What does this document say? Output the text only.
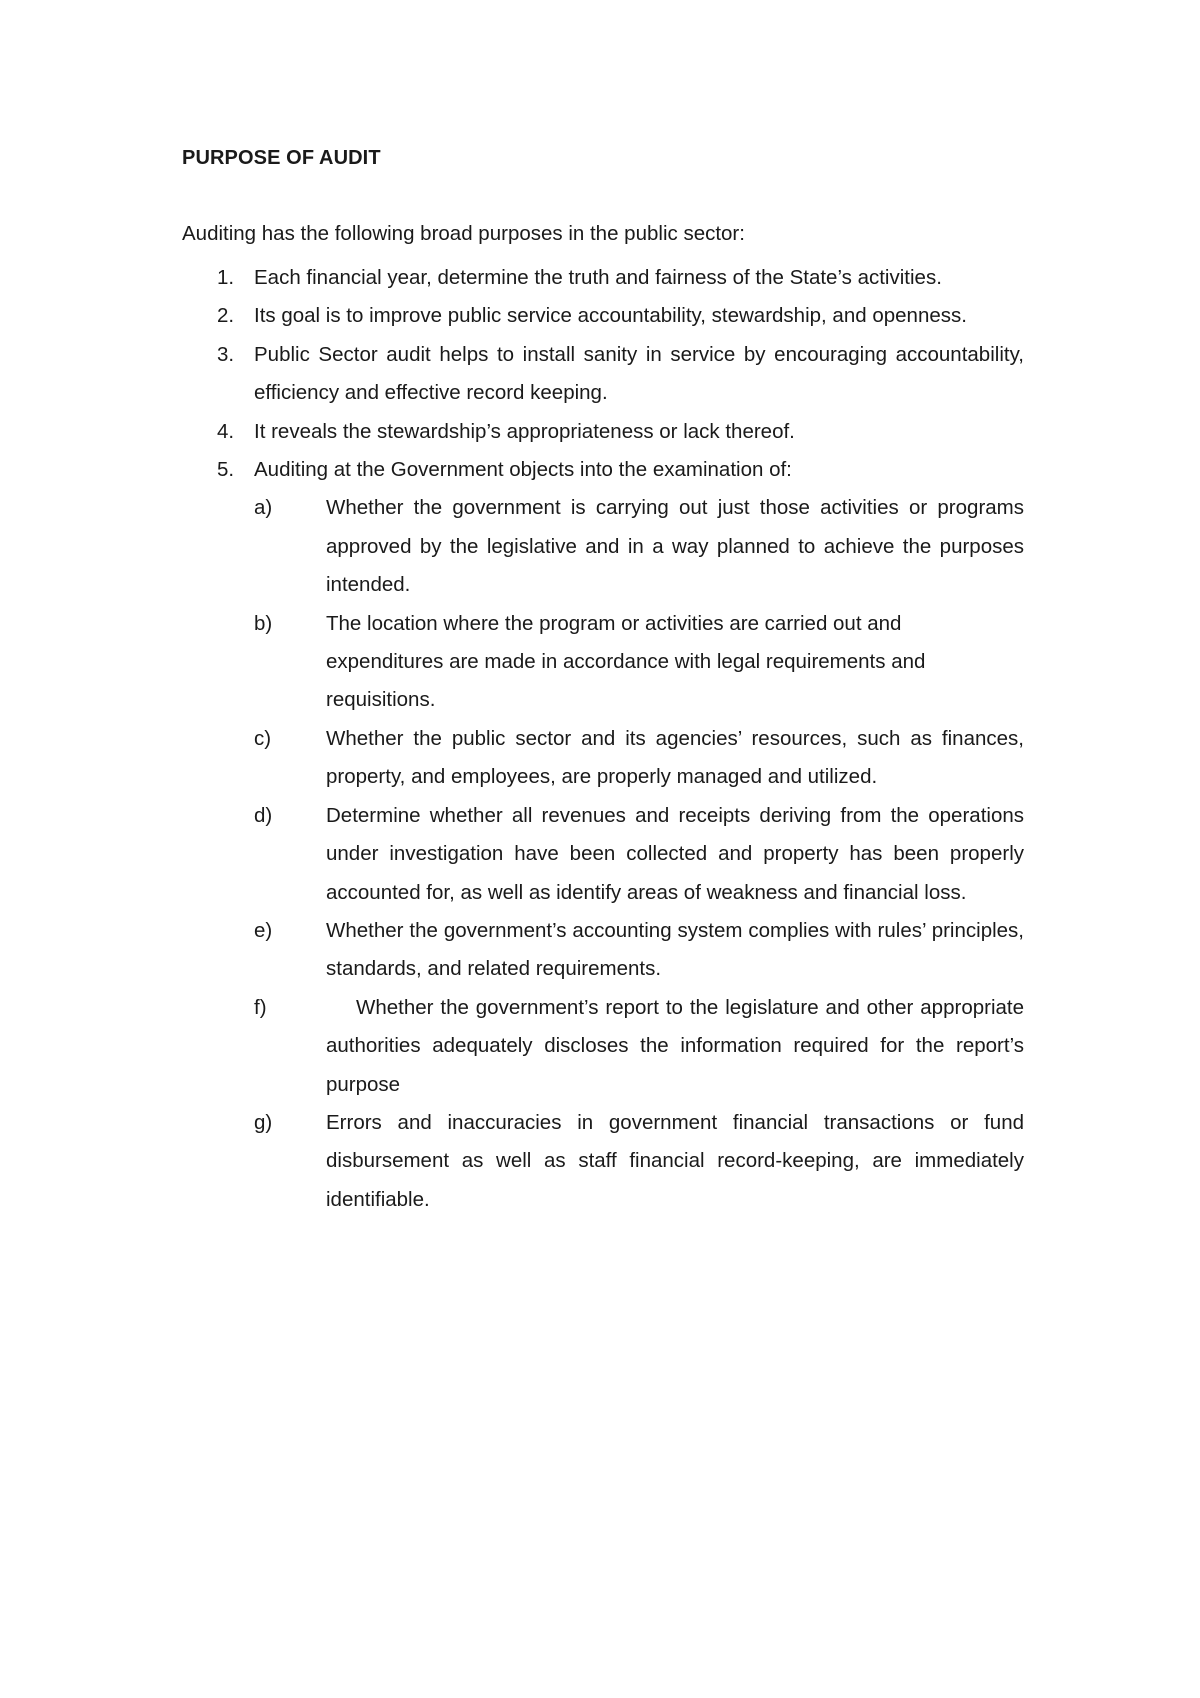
PURPOSE OF AUDIT
Auditing has the following broad purposes in the public sector:
1. Each financial year, determine the truth and fairness of the State’s activities.
2. Its goal is to improve public service accountability, stewardship, and openness.
3. Public Sector audit helps to install sanity in service by encouraging accountability, efficiency and effective record keeping.
4. It reveals the stewardship’s appropriateness or lack thereof.
5. Auditing at the Government objects into the examination of:
a)	Whether the government is carrying out just those activities or programs approved by the legislative and in a way planned to achieve the purposes intended.
b)	The location where the program or activities are carried out and expenditures are made in accordance with legal requirements and requisitions.
c)	Whether the public sector and its agencies’ resources, such as finances, property, and employees, are properly managed and utilized.
d)	Determine whether all revenues and receipts deriving from the operations under investigation have been collected and property has been properly accounted for, as well as identify areas of weakness and financial loss.
e)	Whether the government’s accounting system complies with rules’ principles, standards, and related requirements.
f)	Whether the government’s report to the legislature and other appropriate authorities adequately discloses the information required for the report’s purpose
g)	Errors and inaccuracies in government financial transactions or fund disbursement as well as staff financial record-keeping, are immediately identifiable.
